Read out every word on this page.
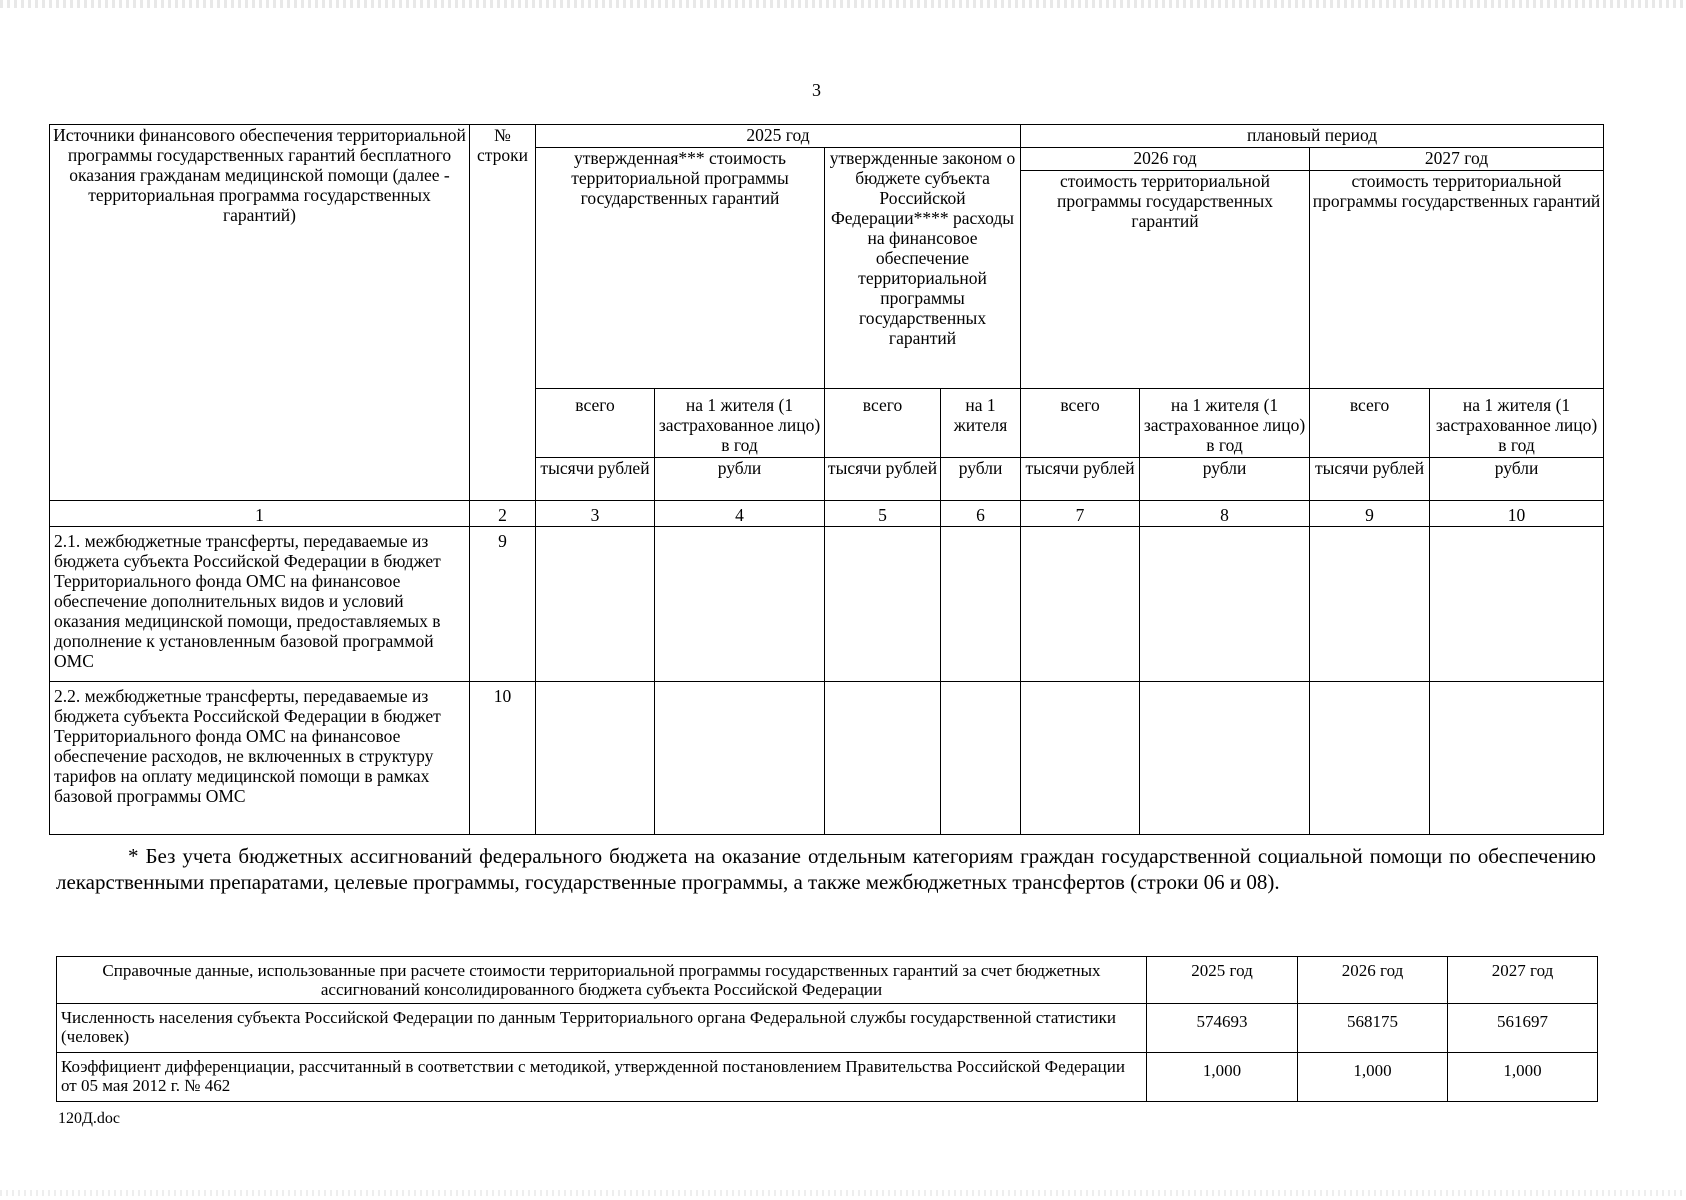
3
Источники финансового обеспечения территориальной программы государственных гарантий бесплатного оказания гражданам медицинской помощи (далее - территориальная программа государственных гарантий)	№ строки	2025 год				плановый период			
		утвержденная*** стоимость территориальной программы государственных гарантий		утвержденные законом о бюджете субъекта Российской Федерации**** расходы на финансовое обеспечение территориальной программы государственных гарантий		2026 год		2027 год	
						стоимость территориальной программы государственных гарантий		стоимость территориальной программы государственных гарантий	
		всего	на 1 жителя (1 застрахованное лицо) в год	всего	на 1 жителя	всего	на 1 жителя (1 застрахованное лицо) в год	всего	на 1 жителя (1 застрахованное лицо) в год
		тысячи рублей	рубли	тысячи рублей	рубли	тысячи рублей	рубли	тысячи рублей	рубли
1	2	3	4	5	6	7	8	9	10
2.1. межбюджетные трансферты, передаваемые из бюджета субъекта Российской Федерации в бюджет Территориального фонда ОМС на финансовое обеспечение дополнительных видов и условий оказания медицинской помощи, предоставляемых в дополнение к установленным базовой программой ОМС	9								
2.2. межбюджетные трансферты, передаваемые из бюджета субъекта Российской Федерации в бюджет Территориального фонда ОМС на финансовое обеспечение расходов, не включенных в структуру тарифов на оплату медицинской помощи в рамках базовой программы ОМС	10								
* Без учета бюджетных ассигнований федерального бюджета на оказание отдельным категориям граждан государственной социальной помощи по обеспечению лекарственными препаратами, целевые программы, государственные программы, а также межбюджетных трансфертов (строки 06 и 08).
Справочные данные, использованные при расчете стоимости территориальной программы государственных гарантий за счет бюджетных ассигнований консолидированного бюджета субъекта Российской Федерации	2025 год	2026 год	2027 год
Численность населения субъекта Российской Федерации по данным Территориального органа Федеральной службы государственной статистики (человек)	574693	568175	561697
Коэффициент дифференциации, рассчитанный в соответствии с методикой, утвержденной постановлением Правительства Российской Федерации от 05 мая 2012 г. № 462	1,000	1,000	1,000
120Д.doc
